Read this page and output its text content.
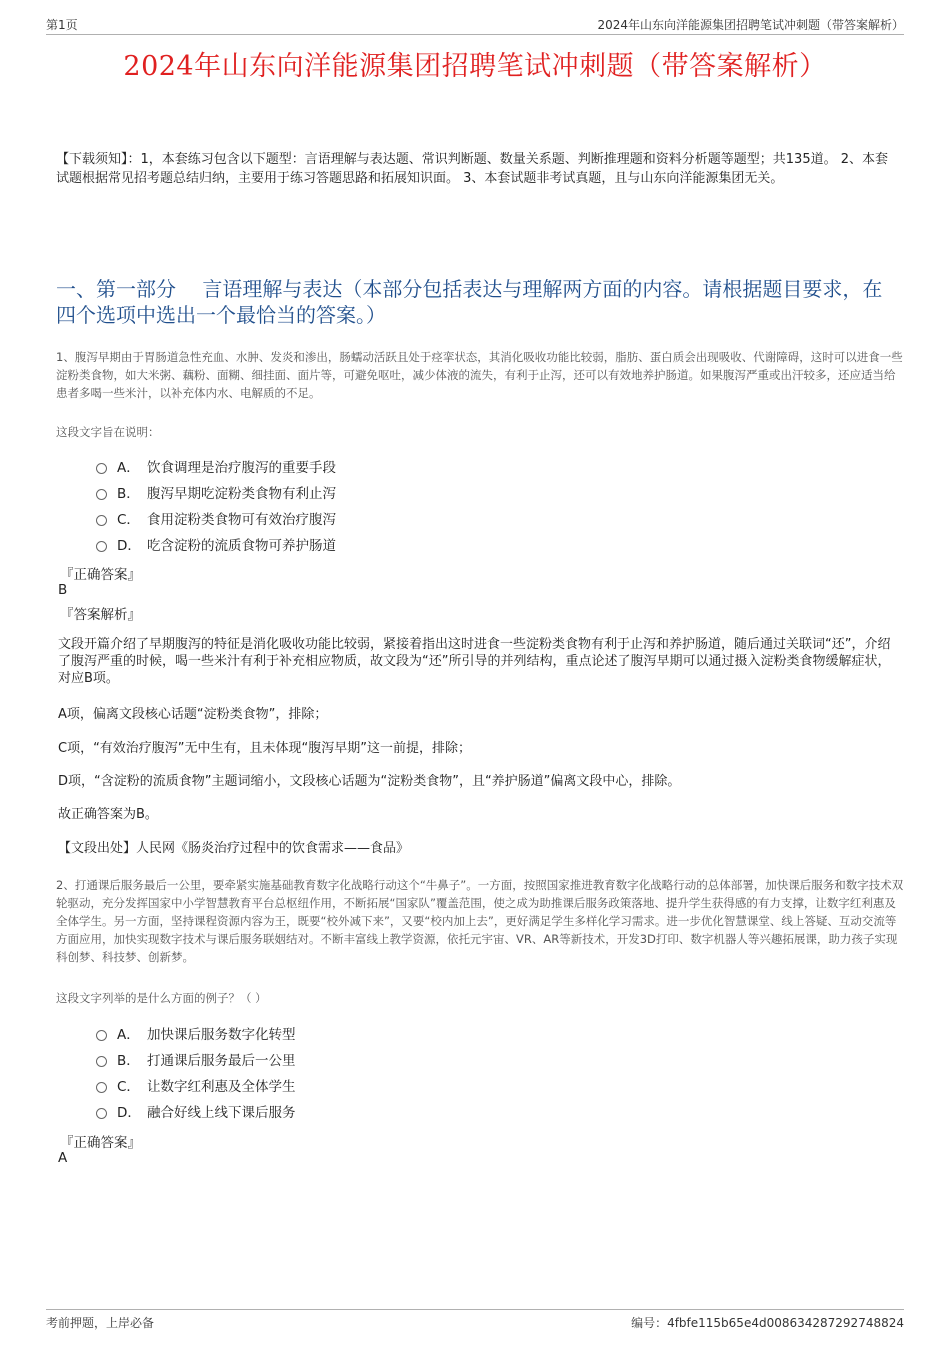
第1页	2024年山东向洋能源集团招聘笔试冲刺题（带答案解析）
2024年山东向洋能源集团招聘笔试冲刺题（带答案解析）
【下载须知】：1，本套练习包含以下题型：言语理解与表达题、常识判断题、数量关系题、判断推理题和资料分析题等题型；共135道。 2、本套试题根据常见招考题总结归纳，主要用于练习答题思路和拓展知识面。 3、本套试题非考试真题，且与山东向洋能源集团无关。
一、第一部分　 言语理解与表达（本部分包括表达与理解两方面的内容。请根据题目要求，在四个选项中选出一个最恰当的答案。）
1、腹泻早期由于胃肠道急性充血、水肿、发炎和渗出，肠蠕动活跃且处于痉挛状态，其消化吸收功能比较弱，脂肪、蛋白质会出现吸收、代谢障碍，这时可以进食一些淀粉类食物，如大米粥、藕粉、面糊、细挂面、面片等，可避免呕吐，减少体液的流失，有利于止泻，还可以有效地养护肠道。如果腹泻严重或出汗较多，还应适当给患者多喝一些米汁，以补充体内水、电解质的不足。
这段文字旨在说明：
A． 饮食调理是治疗腹泻的重要手段
B． 腹泻早期吃淀粉类食物有利止泻
C． 食用淀粉类食物可有效治疗腹泻
D． 吃含淀粉的流质食物可养护肠道
『正确答案』
B
『答案解析』
文段开篇介绍了早期腹泻的特征是消化吸收功能比较弱，紧接着指出这时进食一些淀粉类食物有利于止泻和养护肠道，随后通过关联词“还”，介绍了腹泻严重的时候，喝一些米汁有利于补充相应物质，故文段为“还”所引导的并列结构，重点论述了腹泻早期可以通过摄入淀粉类食物缓解症状，对应B项。
A项，偏离文段核心话题“淀粉类食物”，排除；
C项，“有效治疗腹泻”无中生有，且未体现“腹泻早期”这一前提，排除；
D项，“含淀粉的流质食物”主题词缩小，文段核心话题为“淀粉类食物”，且“养护肠道”偏离文段中心，排除。
故正确答案为B。
【文段出处】人民网《肠炎治疗过程中的饮食需求——食品》
2、打通课后服务最后一公里，要牵紧实施基础教育数字化战略行动这个“牛鼻子”。一方面，按照国家推进教育数字化战略行动的总体部署，加快课后服务和数字技术双轮驱动，充分发挥国家中小学智慧教育平台总枢纽作用，不断拓展“国家队”覆盖范围，使之成为助推课后服务政策落地、提升学生获得感的有力支撑，让数字红利惠及全体学生。另一方面，坚持课程资源内容为王，既要“校外减下来”，又要“校内加上去”，更好满足学生多样化学习需求。进一步优化智慧课堂、线上答疑、互动交流等方面应用，加快实现数字技术与课后服务联姻结对。不断丰富线上教学资源，依托元宇宙、VR、AR等新技术，开发3D打印、数字机器人等兴趣拓展课，助力孩子实现科创梦、科技梦、创新梦。
这段文字列举的是什么方面的例子？（ ）
A． 加快课后服务数字化转型
B． 打通课后服务最后一公里
C． 让数字红利惠及全体学生
D． 融合好线上线下课后服务
『正确答案』
A
考前押题，上岸必备	编号：4fbfe115b65e4d008634287292748824
